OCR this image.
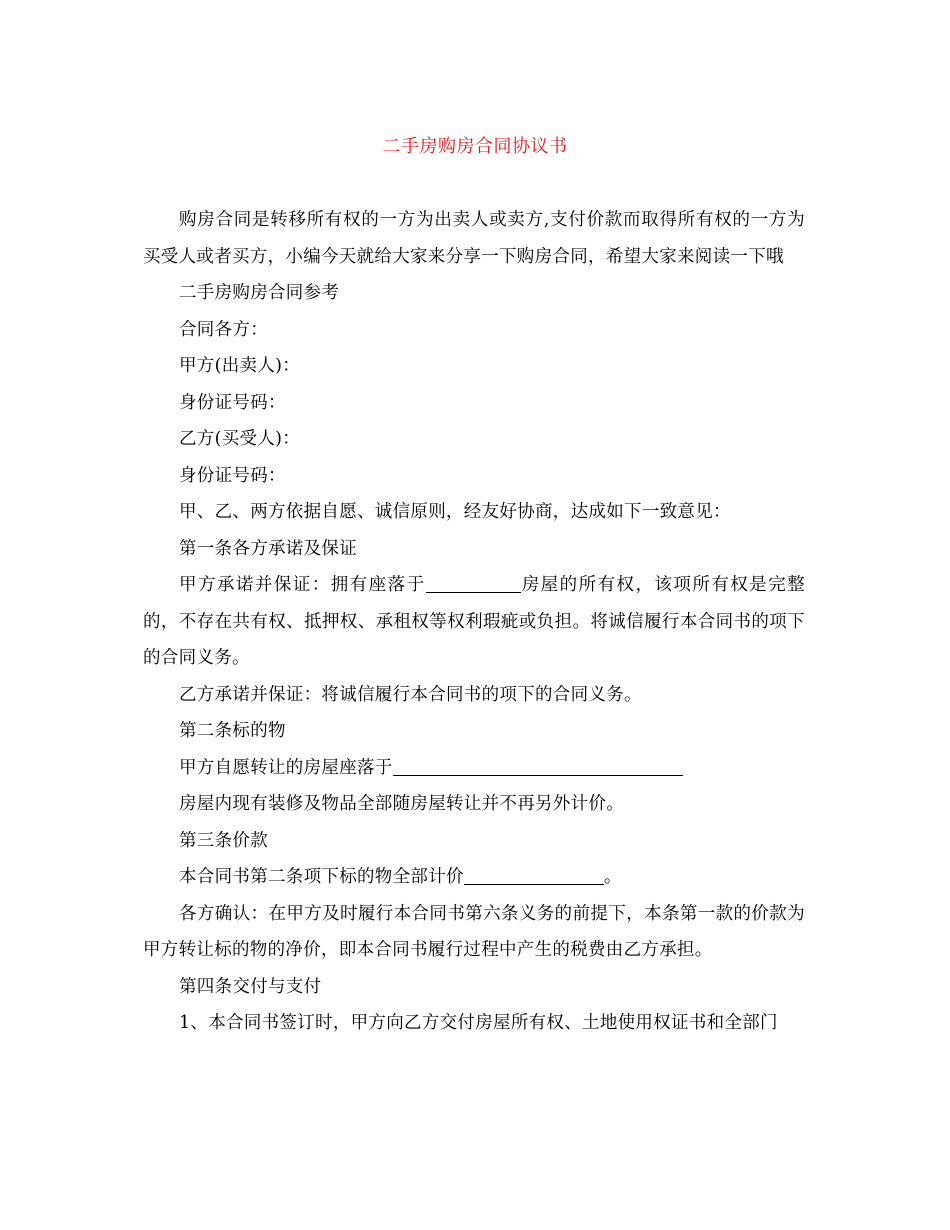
二手房购房合同协议书

购房合同是转移所有权的一方为出卖人或卖方,支付价款而取得所有权的一方为买受人或者买方，小编今天就给大家来分享一下购房合同，希望大家来阅读一下哦

二手房购房合同参考

合同各方：

甲方(出卖人)：

身份证号码：

乙方(买受人)：

身份证号码：

甲、乙、两方依据自愿、诚信原则，经友好协商，达成如下一致意见：

第一条各方承诺及保证

甲方承诺并保证：拥有座落于	房屋的所有权，该项所有权是完整的，不存在共有权、抵押权、承租权等权利瑕疵或负担。将诚信履行本合同书的项下的合同义务。

乙方承诺并保证：将诚信履行本合同书的项下的合同义务。

第二条标的物

甲方自愿转让的房屋座落于

房屋内现有装修及物品全部随房屋转让并不再另外计价。

第三条价款

本合同书第二条项下标的物全部计价	。

各方确认：在甲方及时履行本合同书第六条义务的前提下，本条第一款的价款为甲方转让标的物的净价，即本合同书履行过程中产生的税费由乙方承担。

第四条交付与支付

1、本合同书签订时，甲方向乙方交付房屋所有权、土地使用权证书和全部门
